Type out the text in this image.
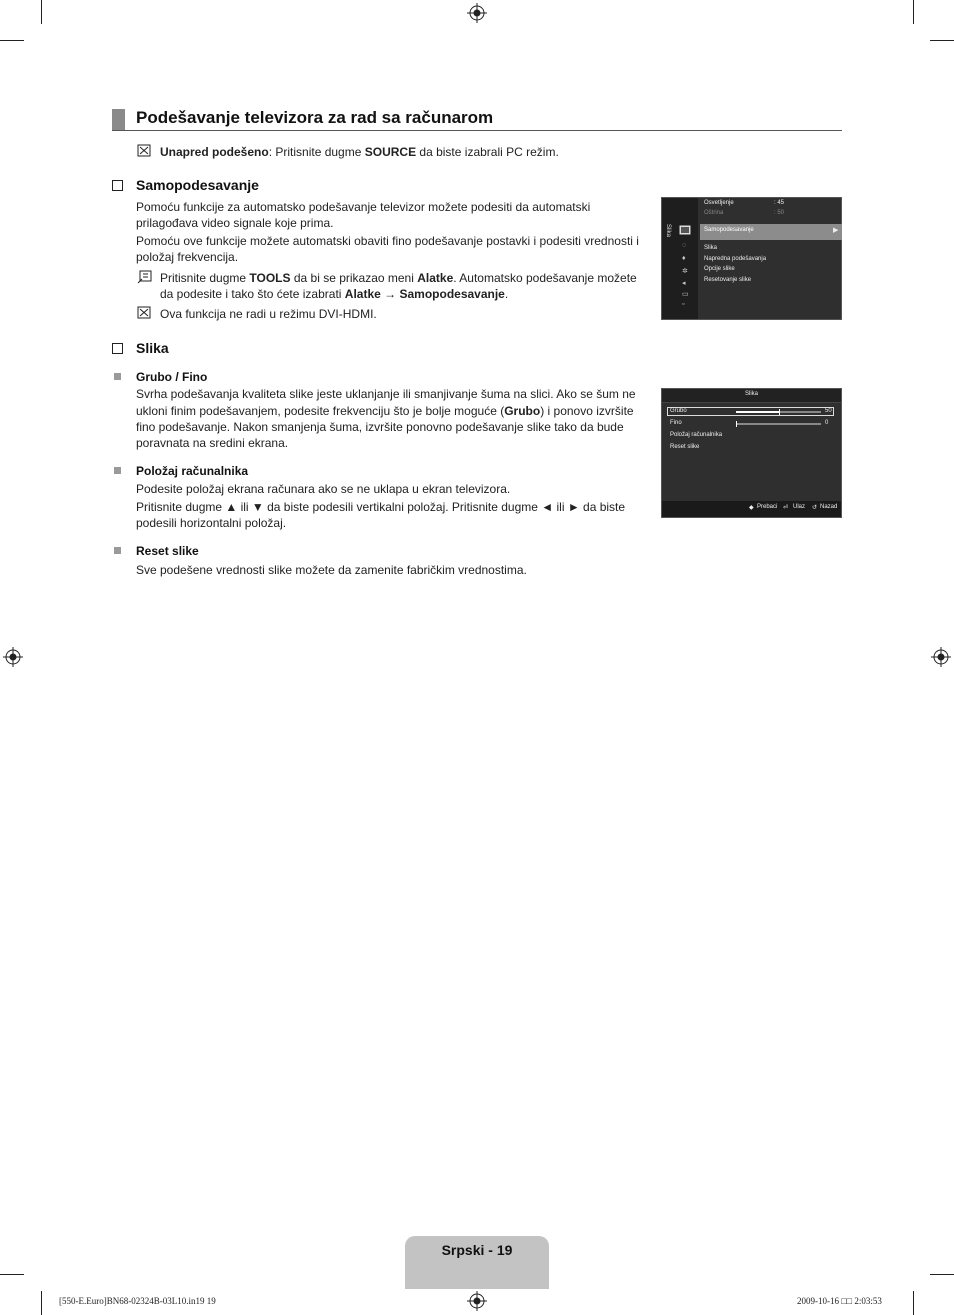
Podešavanje televizora za rad sa računarom
Unapred podešeno: Pritisnite dugme SOURCE da biste izabrali PC režim.
Samopodesavanje
Pomoću funkcije za automatsko podešavanje televizor možete podesiti da automatski
prilagođava video signale koje prima.
Pomoću ove funkcije možete automatski obaviti fino podešavanje postavki i podesiti vrednosti i
položaj frekvencija.
Pritisnite dugme TOOLS da bi se prikazao meni Alatke. Automatsko podešavanje možete
da podesite i tako što ćete izabrati Alatke → Samopodesavanje.
Ova funkcija ne radi u režimu DVI-HDMI.
Slika
◌
♦
✲
◂
▭
▫
Osvetljenje	: 45
Oštrina	: 50
Samopodesavanje	▶
Slika
Napredna podešavanja
Opcije slike
Resetovanje slike
Slika
Grubo / Fino
Svrha podešavanja kvaliteta slike jeste uklanjanje ili smanjivanje šuma na slici. Ako se šum ne
ukloni finim podešavanjem, podesite frekvenciju što je bolje moguće (Grubo) i ponovo izvršite
fino podešavanje. Nakon smanjenja šuma, izvršite ponovno podešavanje slike tako da bude
poravnata na sredini ekrana.
Položaj računalnika
Podesite položaj ekrana računara ako se ne uklapa u ekran televizora.
Pritisnite dugme ▲ ili ▼ da biste podesili vertikalni položaj. Pritisnite dugme ◄ ili ► da biste
podesili horizontalni položaj.
Reset slike
Sve podešene vrednosti slike možete da zamenite fabričkim vrednostima.
Slika
Grubo	50
Fino	0
Položaj računalnika
Reset slike
◆ Prebaci ⏎ Ulaz ↺ Nazad
Srpski - 19
[550-E.Euro]BN68-02324B-03L10.in19 19	2009-10-16 □□ 2:03:53
